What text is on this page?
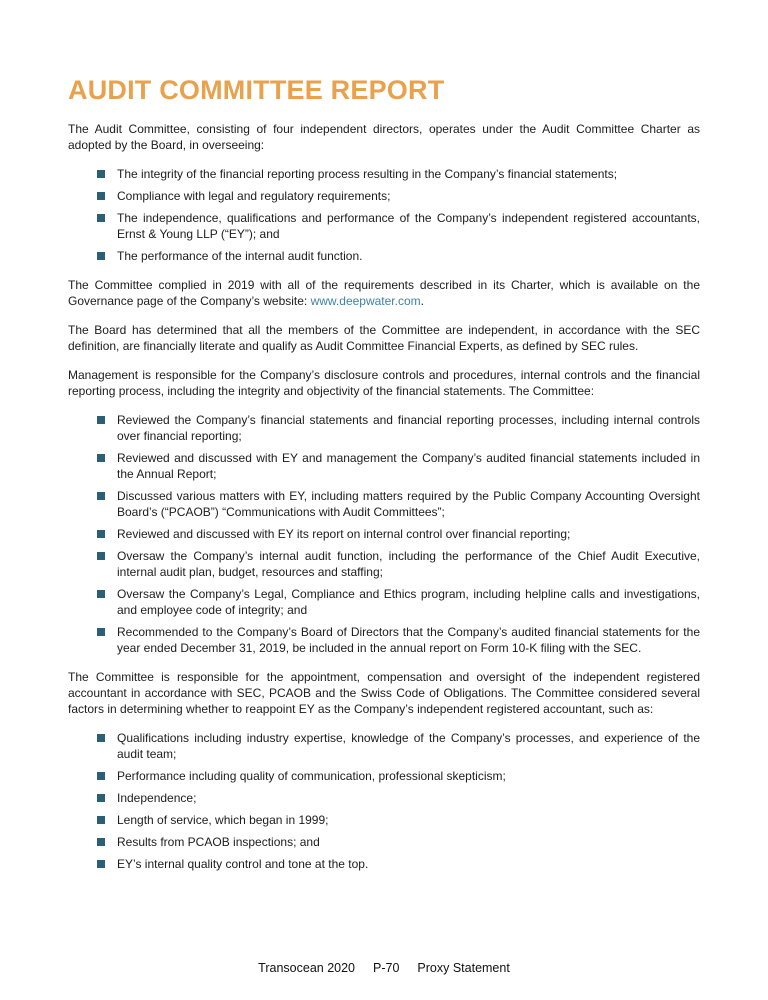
AUDIT COMMITTEE REPORT

The Audit Committee, consisting of four independent directors, operates under the Audit Committee Charter as adopted by the Board, in overseeing:

The integrity of the financial reporting process resulting in the Company’s financial statements;
Compliance with legal and regulatory requirements;
The independence, qualifications and performance of the Company’s independent registered accountants, Ernst & Young LLP (“EY”); and
The performance of the internal audit function.

The Committee complied in 2019 with all of the requirements described in its Charter, which is available on the Governance page of the Company’s website: www.deepwater.com.

The Board has determined that all the members of the Committee are independent, in accordance with the SEC definition, are financially literate and qualify as Audit Committee Financial Experts, as defined by SEC rules.

Management is responsible for the Company’s disclosure controls and procedures, internal controls and the financial reporting process, including the integrity and objectivity of the financial statements. The Committee:

Reviewed the Company’s financial statements and financial reporting processes, including internal controls over financial reporting;
Reviewed and discussed with EY and management the Company’s audited financial statements included in the Annual Report;
Discussed various matters with EY, including matters required by the Public Company Accounting Oversight Board’s (“PCAOB”) “Communications with Audit Committees”;
Reviewed and discussed with EY its report on internal control over financial reporting;
Oversaw the Company’s internal audit function, including the performance of the Chief Audit Executive, internal audit plan, budget, resources and staffing;
Oversaw the Company’s Legal, Compliance and Ethics program, including helpline calls and investigations, and employee code of integrity; and
Recommended to the Company’s Board of Directors that the Company’s audited financial statements for the year ended December 31, 2019, be included in the annual report on Form 10-K filing with the SEC.

The Committee is responsible for the appointment, compensation and oversight of the independent registered accountant in accordance with SEC, PCAOB and the Swiss Code of Obligations. The Committee considered several factors in determining whether to reappoint EY as the Company’s independent registered accountant, such as:

Qualifications including industry expertise, knowledge of the Company’s processes, and experience of the audit team;
Performance including quality of communication, professional skepticism;
Independence;
Length of service, which began in 1999;
Results from PCAOB inspections; and
EY’s internal quality control and tone at the top.
Transocean 2020 P-70 Proxy Statement
